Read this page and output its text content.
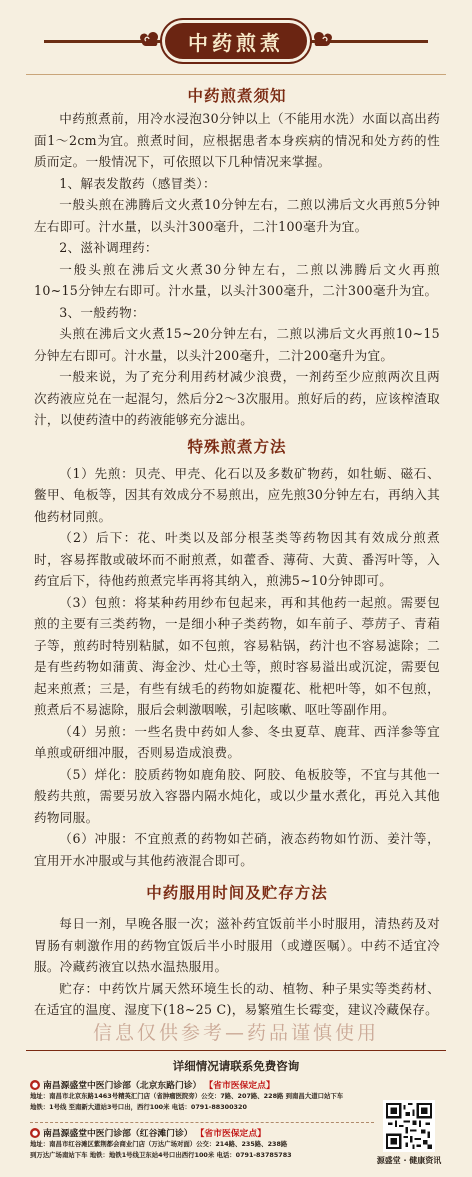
中药煎煮
中药煎煮须知

中药煎煮前，用冷水浸泡30分钟以上（不能用水洗）水面以高出药面1～2cm为宜。煎煮时间，应根据患者本身疾病的情况和处方药的性质而定。一般情况下，可依照以下几种情况来掌握。

1、解表发散药（感冒类）：

一般头煎在沸腾后文火煮10分钟左右，二煎以沸后文火再煎5分钟左右即可。汁水量，以头汁300毫升，二汁100毫升为宜。

2、滋补调理药：

一般头煎在沸后文火煮30分钟左右，二煎以沸腾后文火再煎10~15分钟左右即可。汁水量，以头汁300毫升，二汁300毫升为宜。

3、一般药物：

头煎在沸后文火煮15~20分钟左右，二煎以沸后文火再煎10~15分钟左右即可。汁水量，以头汁200毫升，二汁200毫升为宜。

一般来说，为了充分利用药材减少浪费，一剂药至少应煎两次且两次药液应兑在一起混匀，然后分2～3次服用。煎好后的药，应该榨渣取汁，以使药渣中的药液能够充分滤出。

特殊煎煮方法

（1）先煎：贝壳、甲壳、化石以及多数矿物药，如牡蛎、磁石、鳖甲、龟板等，因其有效成分不易煎出，应先煎30分钟左右，再纳入其他药材同煎。

（2）后下：花、叶类以及部分根茎类等药物因其有效成分煎煮时，容易挥散或破坏而不耐煎煮，如藿香、薄荷、大黄、番泻叶等，入药宜后下，待他药煎煮完毕再将其纳入，煎沸5~10分钟即可。

（3）包煎：将某种药用纱布包起来，再和其他药一起煎。需要包煎的主要有三类药物，一是细小种子类药物，如车前子、葶苈子、青葙子等，煎药时特别粘腻，如不包煎，容易粘锅，药汁也不容易滤除；二是有些药物如蒲黄、海金沙、灶心土等，煎时容易溢出或沉淀，需要包起来煎煮；三是，有些有绒毛的药物如旋覆花、枇杷叶等，如不包煎，煎煮后不易滤除，服后会刺激咽喉，引起咳嗽、呕吐等副作用。

（4）另煎：一些名贵中药如人参、冬虫夏草、鹿茸、西洋参等宜单煎或研细冲服，否则易造成浪费。

（5）烊化：胶质药物如鹿角胶、阿胶、龟板胶等，不宜与其他一般药共煎，需要另放入容器内隔水炖化，或以少量水煮化，再兑入其他药物同服。

（6）冲服：不宜煎煮的药物如芒硝，液态药物如竹沥、姜汁等，宜用开水冲服或与其他药液混合即可。

中药服用时间及贮存方法

每日一剂，早晚各服一次；滋补药宜饭前半小时服用，清热药及对胃肠有刺激作用的药物宜饭后半小时服用（或遵医嘱）。中药不适宜冷服。冷藏药液宜以热水温热服用。

贮存：中药饮片属天然环境生长的动、植物、种子果实等类药材、在适宜的温度、湿度下(18~25 C)，易繁殖生长霉变，建议冷藏保存。

信息仅供参考—药品谨慎使用
详细情况请联系免费咨询
● 南昌源盛堂中医门诊部（北京东路门诊） 【省市医保定点】
地址：南昌市北京东路1463号精英汇门店（省肿瘤医院旁）公交：7路、207路、228路 到南昌大道口站下车
地铁：1号线 至南新大道站3号口出，西行100米 电话：0791-88300320
● 南昌源盛堂中医门诊部（红谷滩门诊） 【省市医保定点】
地址：南昌市红谷滩区紫荆都会商业门店（万达广场对面）公交：214路、235路、238路
到万达广场南站下车 地铁：地铁1号线卫东站4号口出西行100米 电话：0791-83785783
源盛堂 · 健康资讯
